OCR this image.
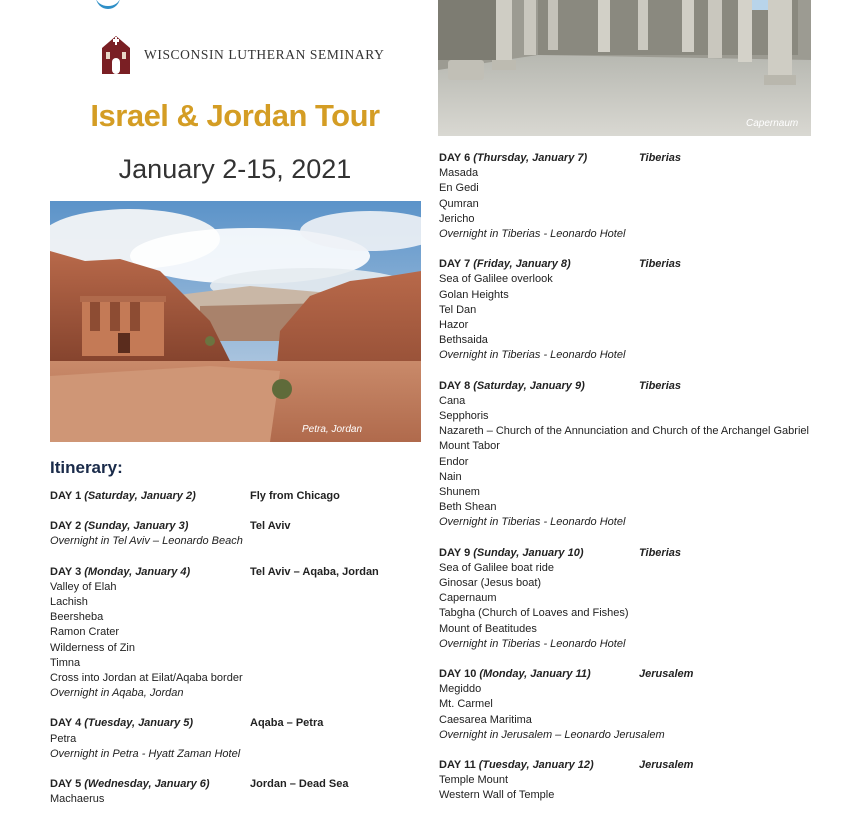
WISCONSIN LUTHERAN SEMINARY
Israel & Jordan Tour
January 2-15, 2021
Petra, Jordan
Capernaum
Itinerary:
DAY 1 (Saturday, January 2)	Fly from Chicago
DAY 2 (Sunday, January 3)	Tel Aviv
Overnight in Tel Aviv – Leonardo Beach
DAY 3 (Monday, January 4)	Tel Aviv – Aqaba, Jordan
Valley of Elah
Lachish
Beersheba
Ramon Crater
Wilderness of Zin
Timna
Cross into Jordan at Eilat/Aqaba border
Overnight in Aqaba, Jordan
DAY 4 (Tuesday, January 5)	Aqaba – Petra
Petra
Overnight in Petra - Hyatt Zaman Hotel
DAY 5 (Wednesday, January 6)	Jordan – Dead Sea
Machaerus
DAY 6 (Thursday, January 7)	Tiberias
Masada
En Gedi
Qumran
Jericho
Overnight in Tiberias - Leonardo Hotel
DAY 7 (Friday, January 8)	Tiberias
Sea of Galilee overlook
Golan Heights
Tel Dan
Hazor
Bethsaida
Overnight in Tiberias - Leonardo Hotel
DAY 8 (Saturday, January 9)	Tiberias
Cana
Sepphoris
Nazareth – Church of the Annunciation and Church of the Archangel Gabriel
Mount Tabor
Endor
Nain
Shunem
Beth Shean
Overnight in Tiberias - Leonardo Hotel
DAY 9 (Sunday, January 10)	Tiberias
Sea of Galilee boat ride
Ginosar (Jesus boat)
Capernaum
Tabgha (Church of Loaves and Fishes)
Mount of Beatitudes
Overnight in Tiberias - Leonardo Hotel
DAY 10 (Monday, January 11)	Jerusalem
Megiddo
Mt. Carmel
Caesarea Maritima
Overnight in Jerusalem – Leonardo Jerusalem
DAY 11 (Tuesday, January 12)	Jerusalem
Temple Mount
Western Wall of Temple
